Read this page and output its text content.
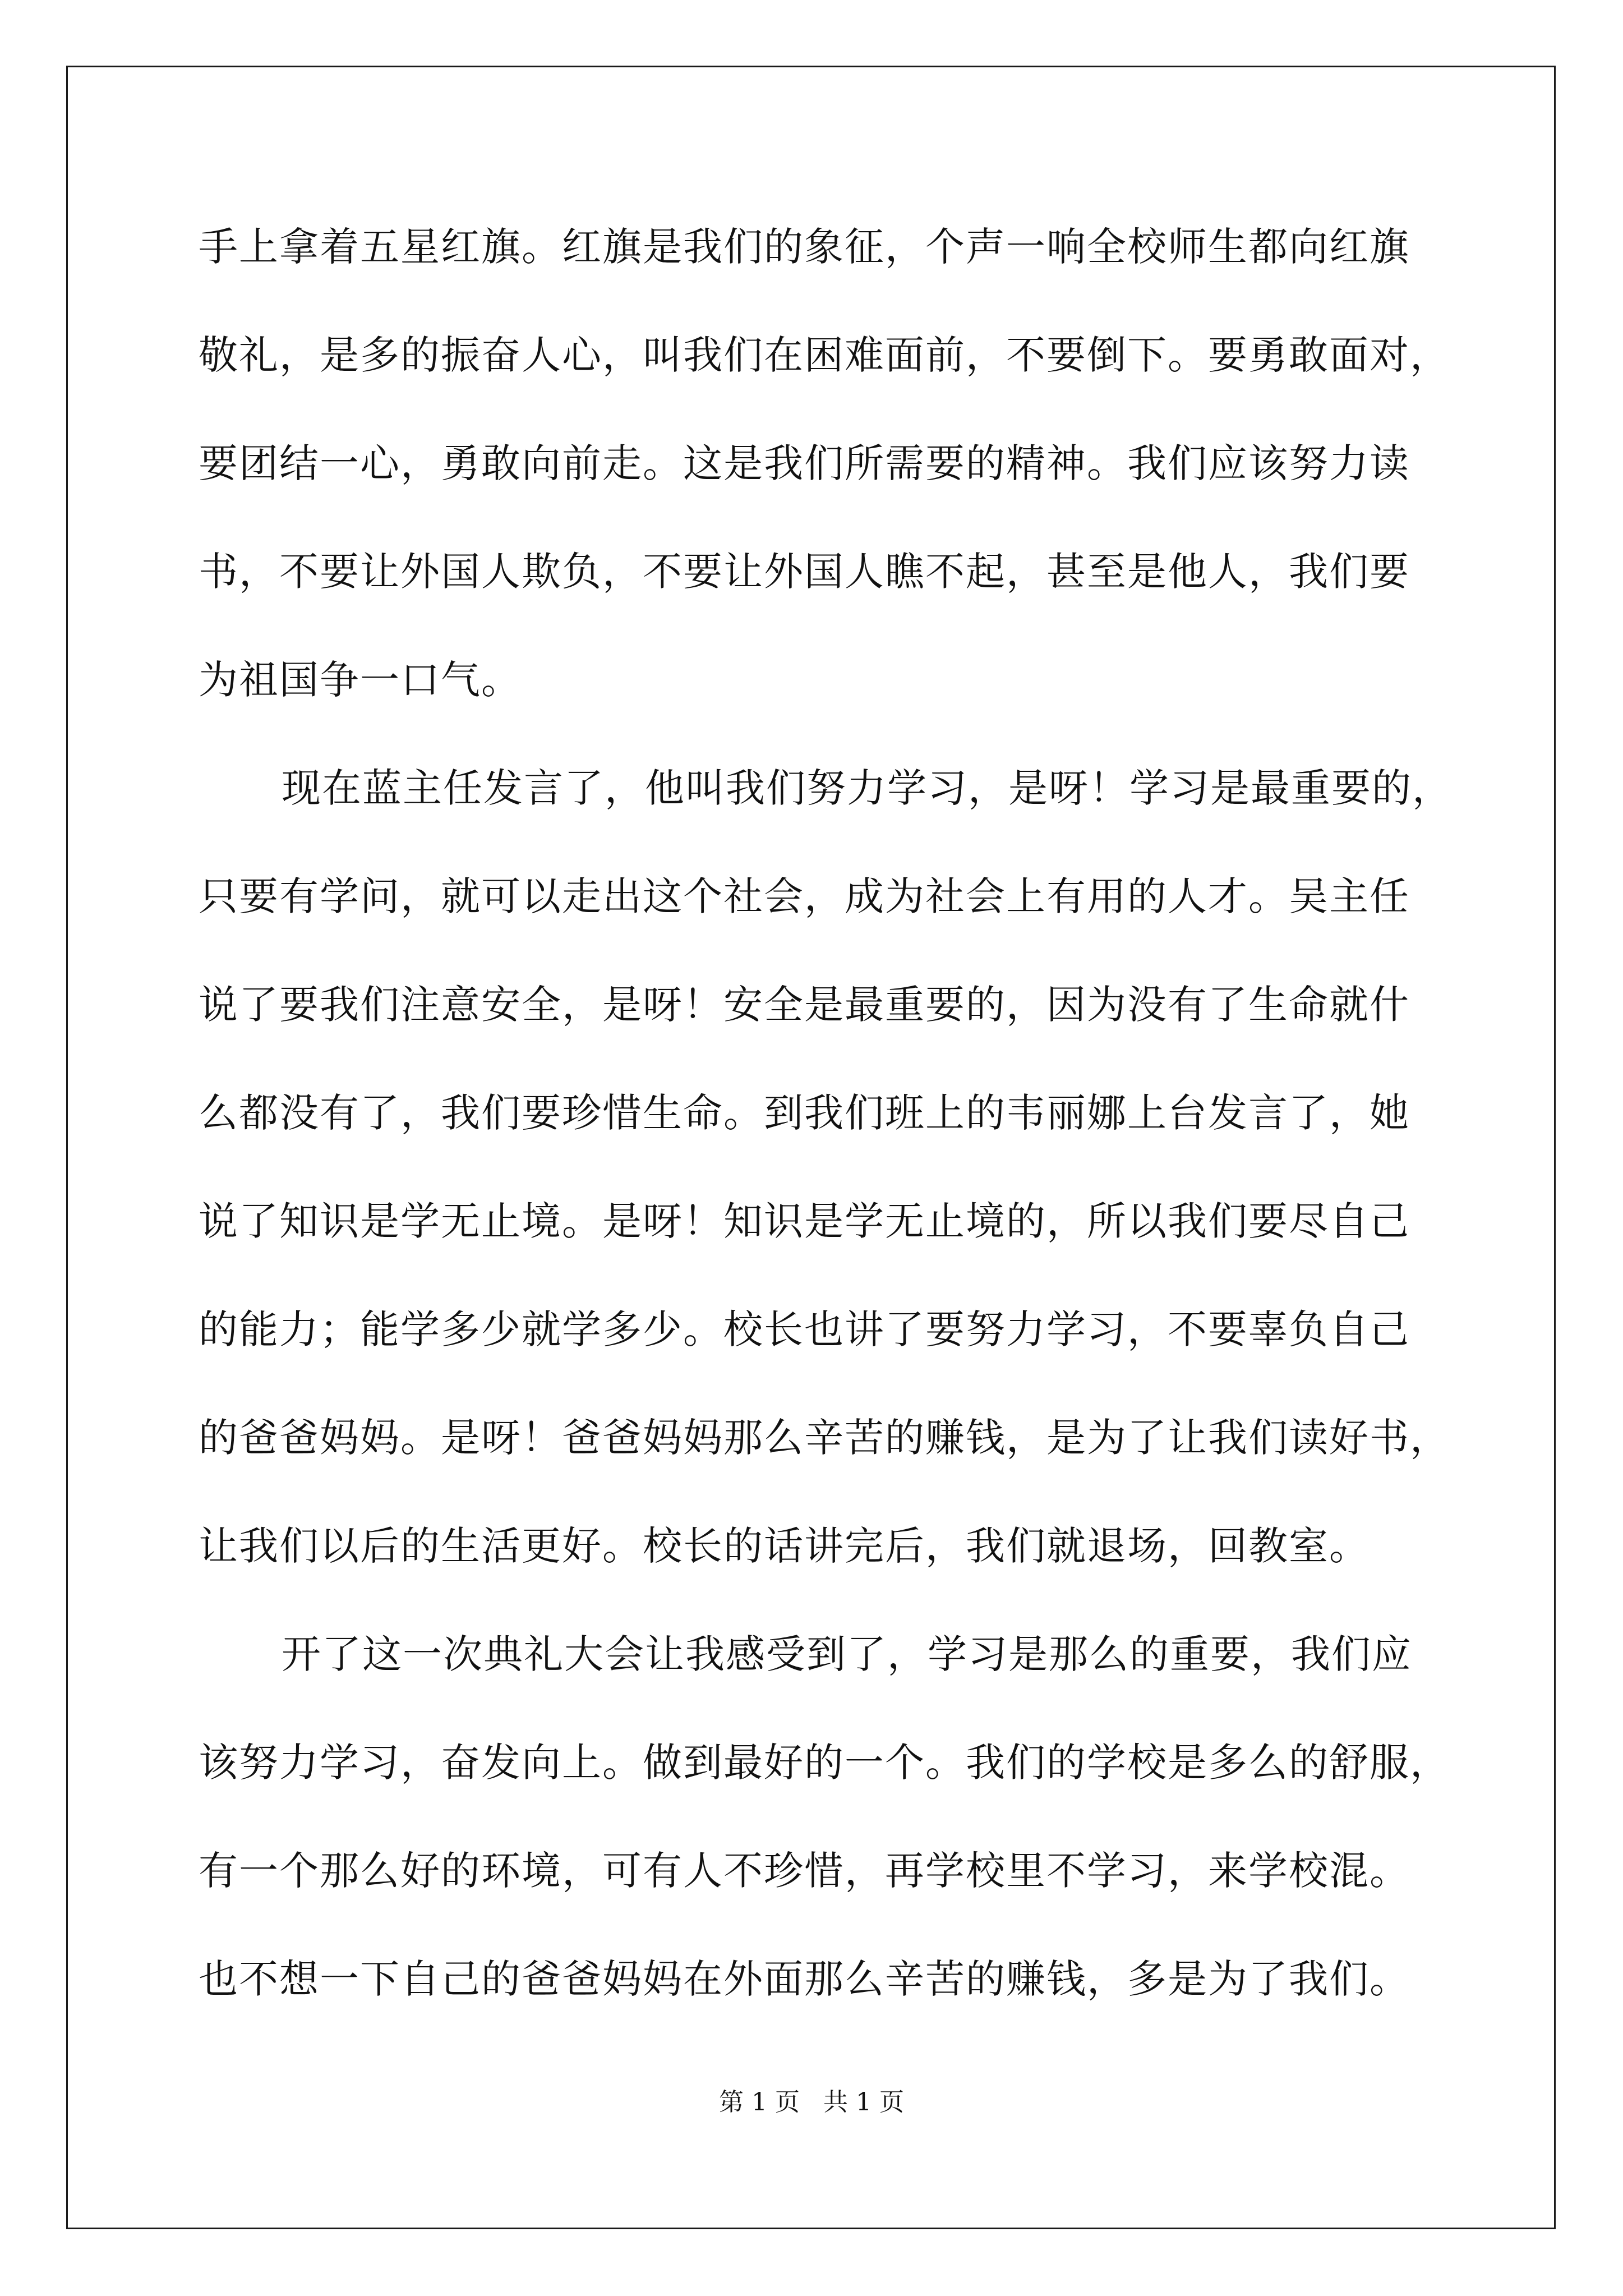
手上拿着五星红旗。红旗是我们的象征，个声一响全校师生都向红旗
敬礼，是多的振奋人心，叫我们在困难面前，不要倒下。要勇敢面对，
要团结一心，勇敢向前走。这是我们所需要的精神。我们应该努力读
书，不要让外国人欺负，不要让外国人瞧不起，甚至是他人，我们要
为祖国争一口气。
现在蓝主任发言了，他叫我们努力学习，是呀！学习是最重要的，
只要有学问，就可以走出这个社会，成为社会上有用的人才。吴主任
说了要我们注意安全，是呀！安全是最重要的，因为没有了生命就什
么都没有了，我们要珍惜生命。到我们班上的韦丽娜上台发言了，她
说了知识是学无止境。是呀！知识是学无止境的，所以我们要尽自己
的能力；能学多少就学多少。校长也讲了要努力学习，不要辜负自己
的爸爸妈妈。是呀！爸爸妈妈那么辛苦的赚钱，是为了让我们读好书，
让我们以后的生活更好。校长的话讲完后，我们就退场，回教室。
开了这一次典礼大会让我感受到了，学习是那么的重要，我们应
该努力学习，奋发向上。做到最好的一个。我们的学校是多么的舒服，
有一个那么好的环境，可有人不珍惜，再学校里不学习，来学校混。
也不想一下自己的爸爸妈妈在外面那么辛苦的赚钱，多是为了我们。
第 1 页   共 1 页
